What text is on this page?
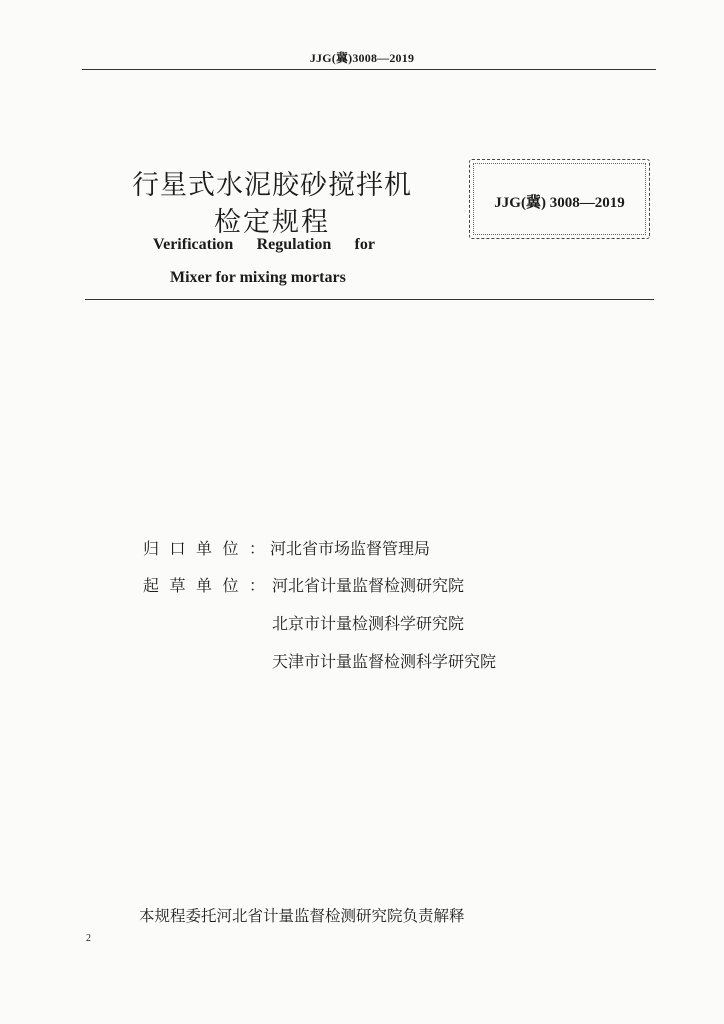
JJG(冀)3008—2019
行星式水泥胶砂搅拌机
检定规程
Verification Regulation for
Mixer for mixing mortars
JJG(冀) 3008—2019
归口单位：
河北省市场监督管理局
起草单位：
河北省计量监督检测研究院
北京市计量检测科学研究院
天津市计量监督检测科学研究院
本规程委托河北省计量监督检测研究院负责解释
2
